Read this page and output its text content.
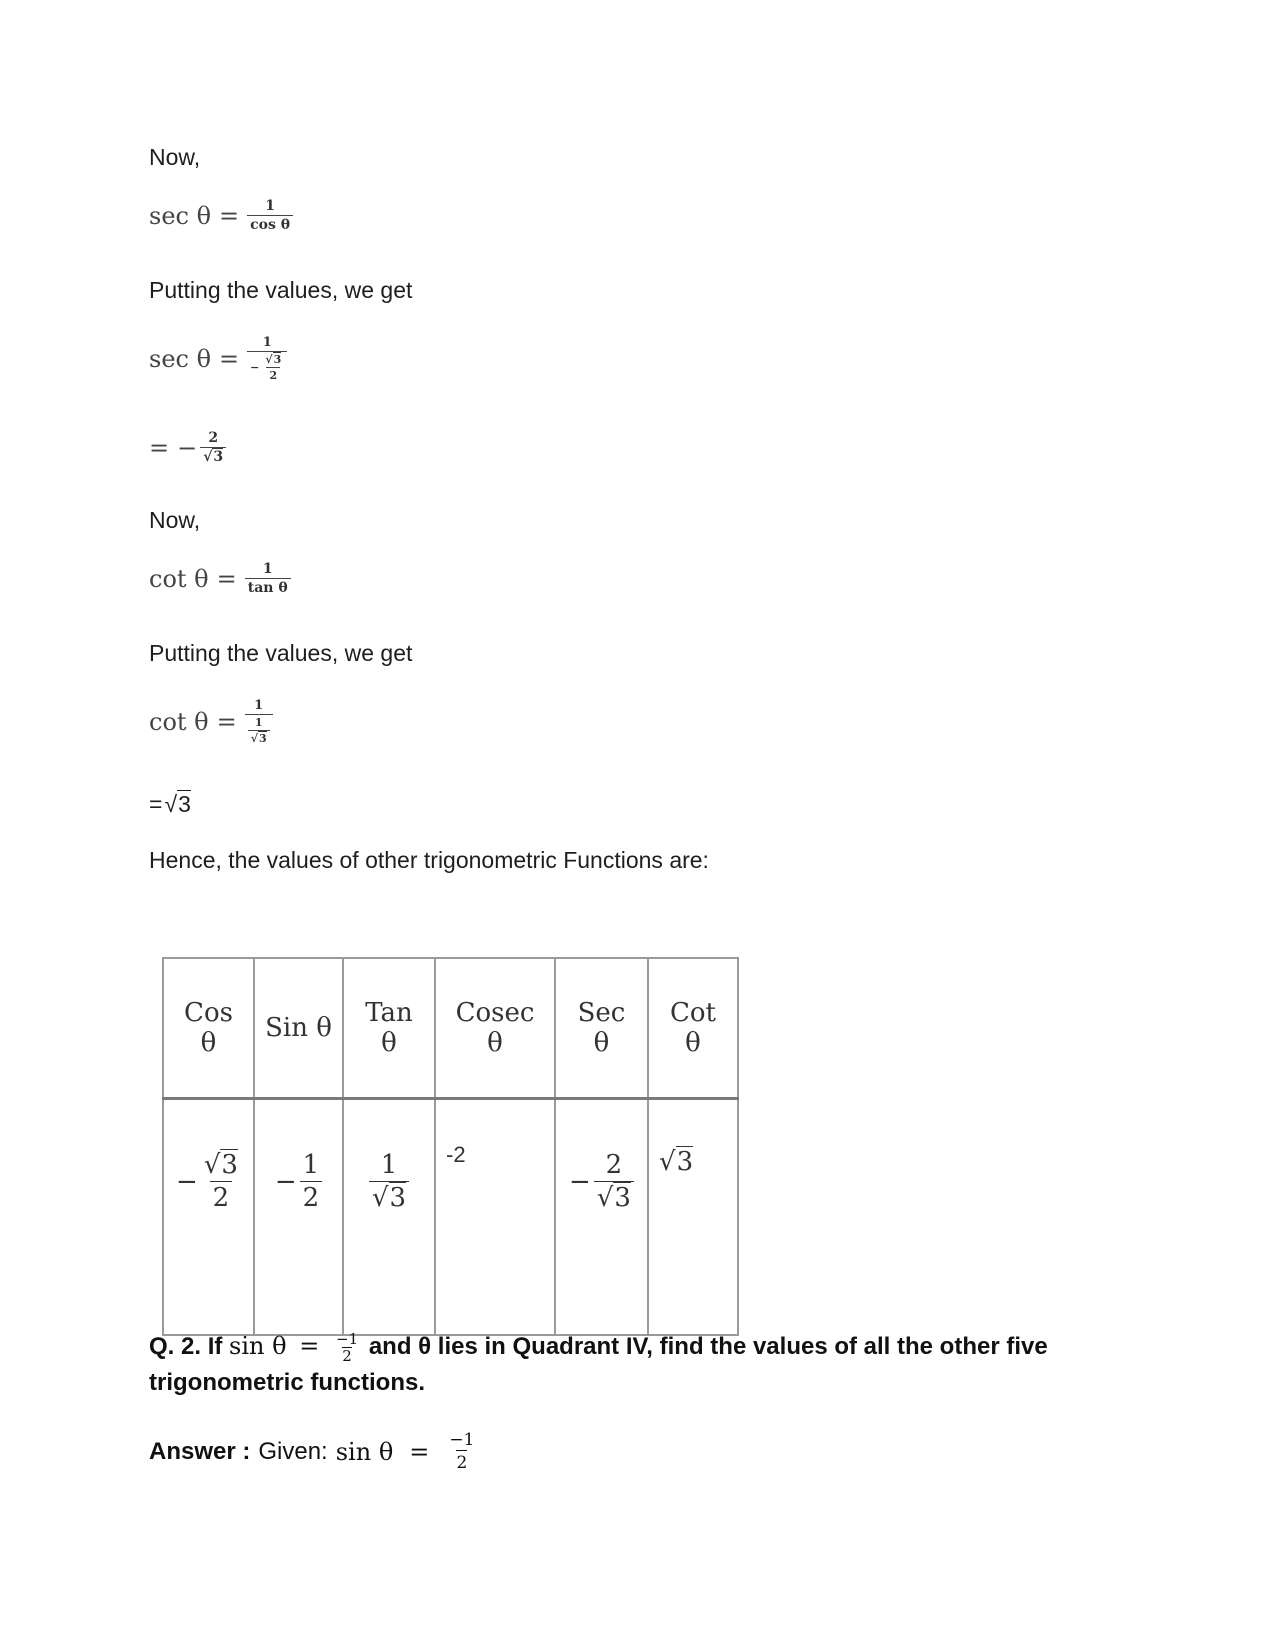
Now,
$\sec \theta = \frac{1}{\text{cos θ}}$
Putting the values, we get
$\sec \theta = \frac{1}{- \frac{√3}{2}}$
= − $\frac{2}{√3}$
Now,
$\cot \theta = \frac{1}{\text{tan θ}}$
Putting the values, we get
$\cot \theta = \frac{1}{\frac{1}{√3}}$
=√3
Hence, the values of other trigonometric Functions are:
Cos θ	Sin θ	Tan θ	Cosec θ	Sec θ	Cot θ

− $\frac{√3}{2}$	− $\frac{1}{2}$	$\frac{1}{√3}$	-2	− $\frac{2}{√3}$	√ 3
Q. 2. If $\sin \theta = \frac{-1}{2}$ and θ lies in Quadrant IV, find the values of all the other five trigonometric functions.
Answer : Given: $\sin \theta = \frac{-1}{2}$
